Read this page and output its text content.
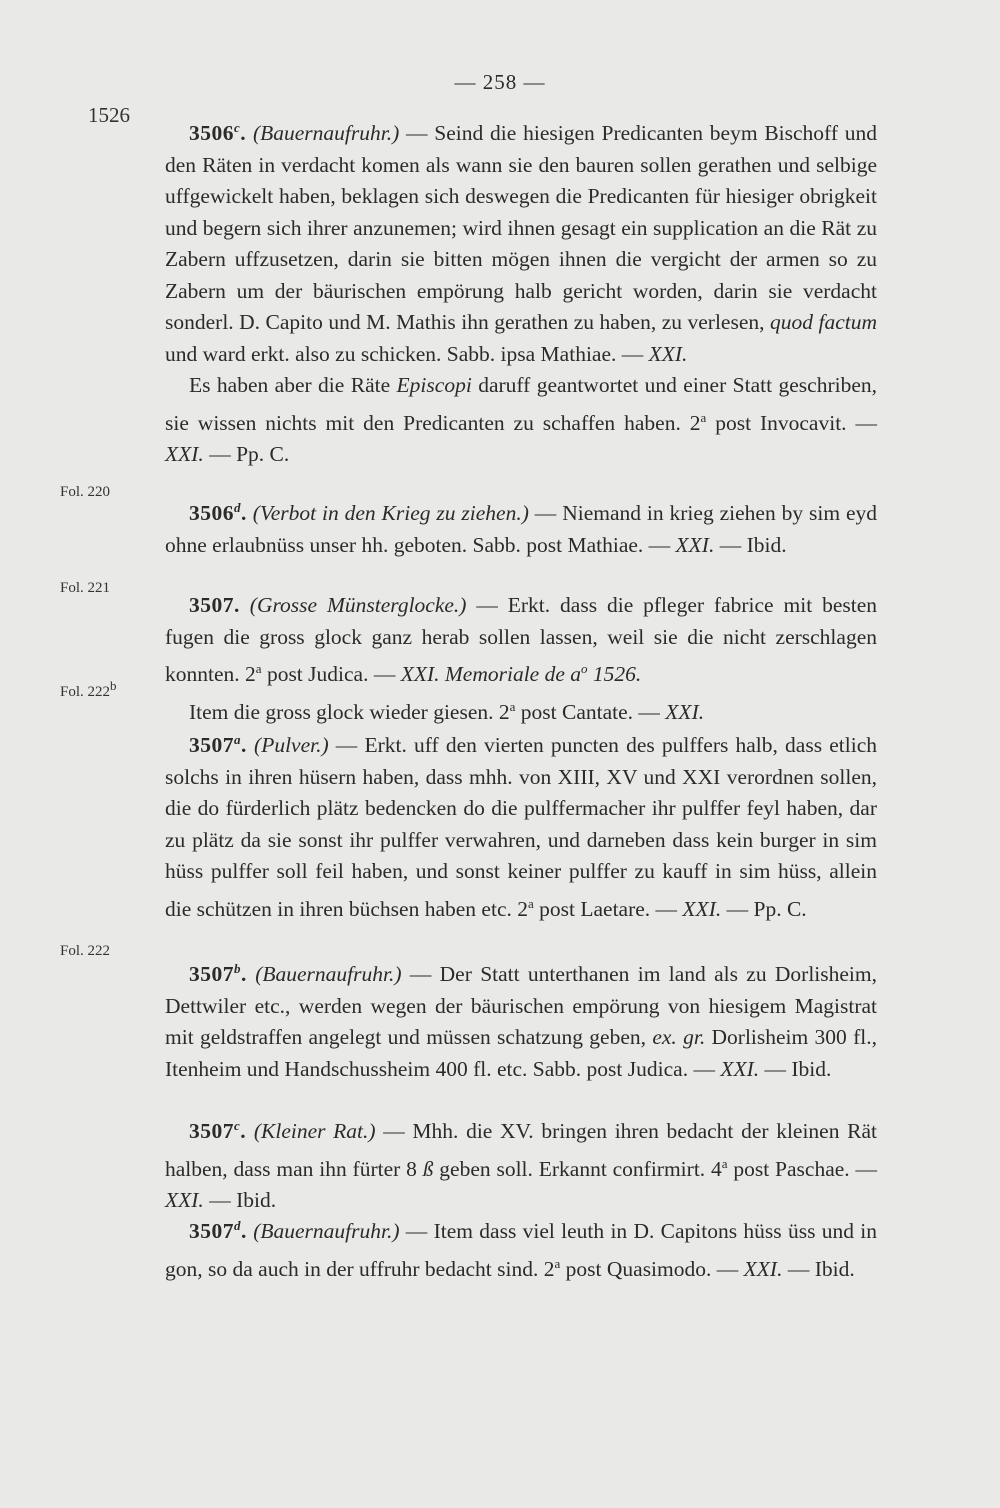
— 258 —
1526
Fol. 220
Fol. 221
Fol. 222$^b$
Fol. 222

3506$^c$. (Bauernaufruhr.) — Seind die hiesigen Predicanten beym Bischoff und den Räten in verdacht komen als wann sie den bauren sollen gerathen und selbige uffgewickelt haben, beklagen sich deswegen die Predicanten für hiesiger obrigkeit und begern sich ihrer anzunemen; wird ihnen gesagt ein supplication an die Rät zu Zabern uffzusetzen, darin sie bitten mögen ihnen die vergicht der armen so zu Zabern um der bäurischen empörung halb gericht worden, darin sie verdacht sonderl. D. Capito und M. Mathis ihn gerathen zu haben, zu verlesen, quod factum und ward erkt. also zu schicken. Sabb. ipsa Mathiae. — XXI.

Es haben aber die Räte Episcopi daruff geantwortet und einer Statt geschriben, sie wissen nichts mit den Predicanten zu schaffen haben. 2$^a$ post Invocavit. — XXI. — Pp. C.

3506$^d$. (Verbot in den Krieg zu ziehen.) — Niemand in krieg ziehen by sim eyd ohne erlaubnüss unser hh. geboten. Sabb. post Mathiae. — XXI. — Ibid.

3507. (Grosse Münsterglocke.) — Erkt. dass die pfleger fabrice mit besten fugen die gross glock ganz herab sollen lassen, weil sie die nicht zerschlagen konnten. 2$^a$ post Judica. — XXI. Memoriale de $a^o$ 1526.

Item die gross glock wieder giesen. 2$^a$ post Cantate. — XXI.

3507$^a$. (Pulver.) — Erkt. uff den vierten puncten des pulffers halb, dass etlich solchs in ihren hüsern haben, dass mhh. von XIII, XV und XXI verordnen sollen, die do fürderlich plätz bedencken do die pulffermacher ihr pulffer feyl haben, dar zu plätz da sie sonst ihr pulffer verwahren, und darneben dass kein burger in sim hüss pulffer soll feil haben, und sonst keiner pulffer zu kauff in sim hüss, allein die schützen in ihren büchsen haben etc. 2$^a$ post Laetare. — XXI. — Pp. C.

3507$^b$. (Bauernaufruhr.) — Der Statt unterthanen im land als zu Dorlisheim, Dettwiler etc., werden wegen der bäurischen empörung von hiesigem Magistrat mit geldstraffen angelegt und müssen schatzung geben, ex. gr. Dorlisheim 300 fl., Itenheim und Handschussheim 400 fl. etc. Sabb. post Judica. — XXI. — Ibid.

3507$^c$. (Kleiner Rat.) — Mhh. die XV. bringen ihren bedacht der kleinen Rät halben, dass man ihn fürter 8 ß geben soll. Erkannt confirmirt. 4$^a$ post Paschae. — XXI. — Ibid.

3507$^d$. (Bauernaufruhr.) — Item dass viel leuth in D. Capitons hüss üss und in gon, so da auch in der uffruhr bedacht sind. 2$^a$ post Quasimodo. — XXI. — Ibid.
